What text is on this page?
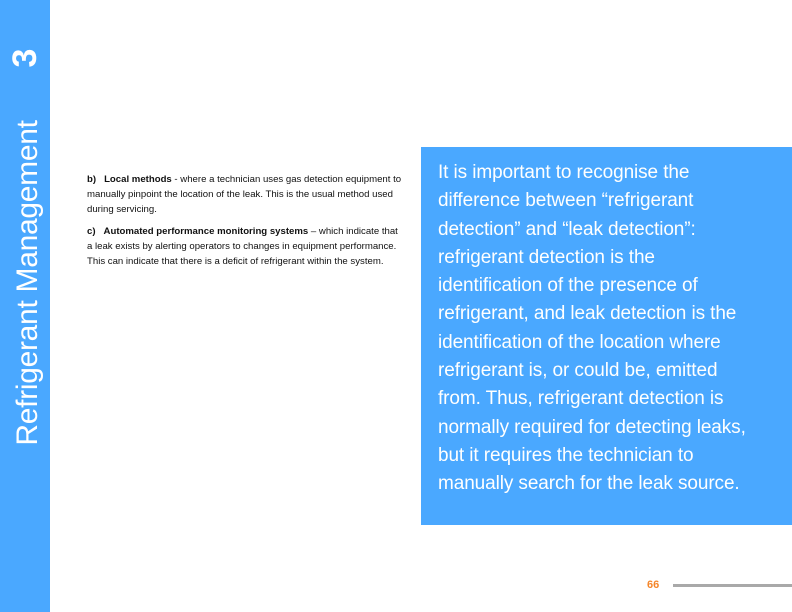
3
Refrigerant Management	b) Local methods - where a technician uses gas detection equipment to manually pinpoint the location of the leak. This is the usual method used during servicing.

c) Automated performance monitoring systems – which indicate that a leak exists by alerting operators to changes in equipment performance. This can indicate that there is a deficit of refrigerant within the system.

It is important to recognise the difference between “refrigerant detection” and “leak detection”: refrigerant detection is the identification of the presence of refrigerant, and leak detection is the identification of the location where refrigerant is, or could be, emitted from. Thus, refrigerant detection is normally required for detecting leaks, but it requires the technician to manually search for the leak source.

66
